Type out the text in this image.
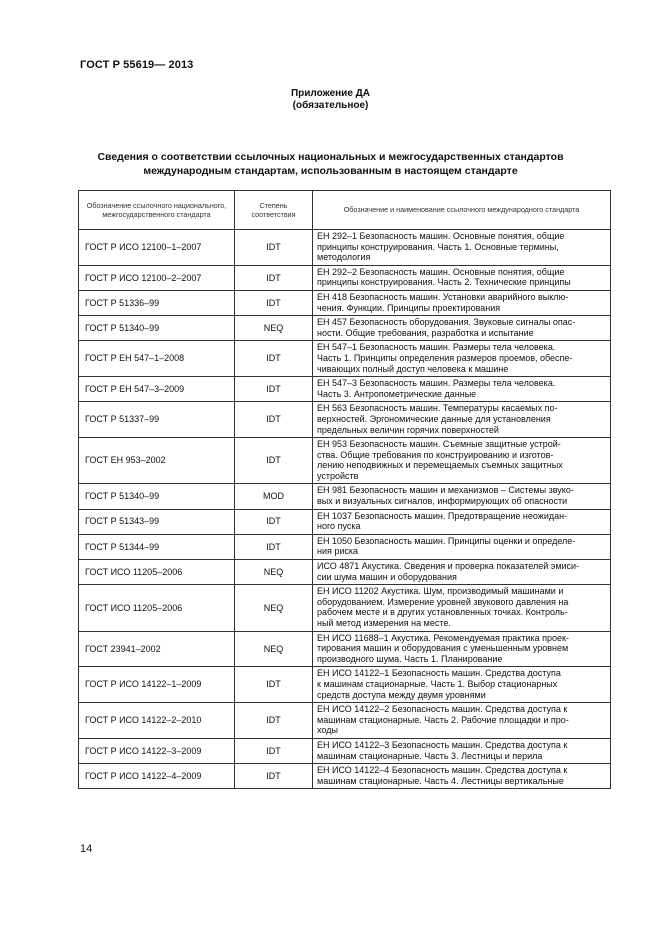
ГОСТ Р 55619— 2013
Приложение ДА
(обязательное)
Сведения о соответствии ссылочных национальных и межгосударственных стандартов
международным стандартам, использованным в настоящем стандарте
Обозначение ссылочного национального, межгосударственного стандарта	Степень соответствия	Обозначение и наименование ссылочного международного стандарта
ГОСТ Р ИСО 12100–1–2007	IDT	ЕН 292–1 Безопасность машин. Основные понятия, общие
принципы конструирования. Часть 1. Основные термины,
методология

ГОСТ Р ИСО 12100–2–2007	IDT	ЕН 292–2 Безопасность машин. Основные понятия, общие
принципы конструирования. Часть 2. Технические принципы

ГОСТ Р 51336–99	IDT	ЕН 418 Безопасность машин. Установки аварийного выклю-
чения. Функции. Принципы проектирования

ГОСТ Р 51340–99	NEQ	ЕН 457 Безопасность оборудования. Звуковые сигналы опас-
ности. Общие требования, разработка и испытание

ГОСТ Р ЕН 547–1–2008	IDT	ЕН 547–1 Безопасность машин. Размеры тела человека.
Часть 1. Принципы определения размеров проемов, обеспе-
чивающих полный доступ человека к машине

ГОСТ Р ЕН 547–3–2009	IDT	ЕН 547–3 Безопасность машин. Размеры тела человека.
Часть 3. Антропометрические данные

ГОСТ Р 51337–99	IDT	ЕН 563 Безопасность машин. Температуры касаемых по-
верхностей. Эргономические данные для установления
предельных величин горячих поверхностей

ГОСТ ЕН 953–2002	IDT	ЕН 953 Безопасность машин. Съемные защитные устрой-
ства. Общие требования по конструированию и изготов-
лению неподвижных и перемещаемых съемных защитных
устройств

ГОСТ Р 51340–99	MOD	ЕН 981 Безопасность машин и механизмов – Системы звуко-
вых и визуальных сигналов, информирующих об опасности

ГОСТ Р 51343–99	IDT	ЕН 1037 Безопасность машин. Предотвращение неожидан-
ного пуска

ГОСТ Р 51344–99	IDT	ЕН 1050 Безопасность машин. Принципы оценки и определе-
ния риска

ГОСТ ИСО 11205–2006	NEQ	ИСО 4871 Акустика. Сведения и проверка показателей эмиси-
сии шума машин и оборудования

ГОСТ ИСО 11205–2006	NEQ	ЕН ИСО 11202 Акустика. Шум, производимый машинами и
оборудованием. Измерение уровней звукового давления на
рабочем месте и в других установленных точках. Контроль-
ный метод измерения на месте.

ГОСТ 23941–2002	NEQ	ЕН ИСО 11688–1 Акустика. Рекомендуемая практика проек-
тирования машин и оборудования с уменьшенным уровнем
производного шума. Часть 1. Планирование

ГОСТ Р ИСО 14122–1–2009	IDT	ЕН ИСО 14122–1 Безопасность машин. Средства доступа
к машинам стационарные. Часть 1. Выбор стационарных
средств доступа между двумя уровнями

ГОСТ Р ИСО 14122–2–2010	IDT	ЕН ИСО 14122–2 Безопасность машин. Средства доступа к
машинам стационарные. Часть 2. Рабочие площадки и про-
ходы

ГОСТ Р ИСО 14122–3–2009	IDT	ЕН ИСО 14122–3 Безопасность машин. Средства доступа к
машинам стационарные. Часть 3. Лестницы и перила

ГОСТ Р ИСО 14122–4–2009	IDT	ЕН ИСО 14122–4 Безопасность машин. Средства доступа к
машинам стационарные. Часть 4. Лестницы вертикальные
14
